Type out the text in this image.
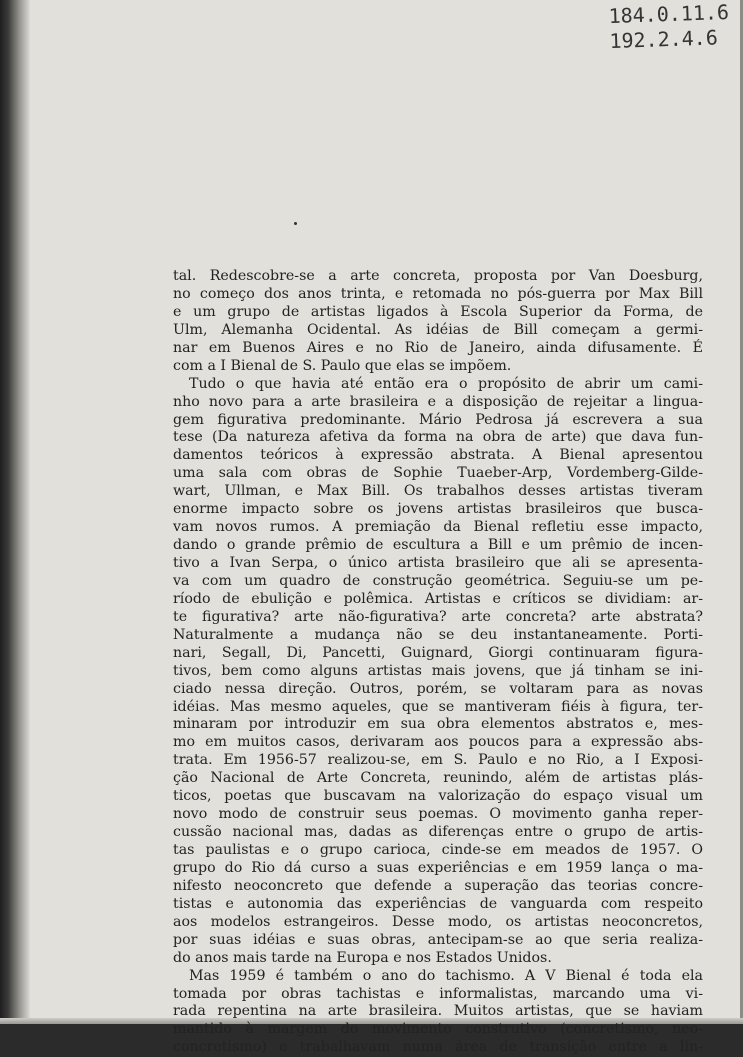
184.0.11.6
192.2.4.6
tal. Redescobre-se a arte concreta, proposta por Van Doesburg,
no começo dos anos trinta, e retomada no pós-guerra por Max Bill
e um grupo de artistas ligados à Escola Superior da Forma, de
Ulm, Alemanha Ocidental. As idéias de Bill começam a germi-
nar em Buenos Aires e no Rio de Janeiro, ainda difusamente. É
com a I Bienal de S. Paulo que elas se impõem.
Tudo o que havia até então era o propósito de abrir um cami-
nho novo para a arte brasileira e a disposição de rejeitar a lingua-
gem figurativa predominante. Mário Pedrosa já escrevera a sua
tese (Da natureza afetiva da forma na obra de arte) que dava fun-
damentos teóricos à expressão abstrata. A Bienal apresentou
uma sala com obras de Sophie Tuaeber-Arp, Vordemberg-Gilde-
wart, Ullman, e Max Bill. Os trabalhos desses artistas tiveram
enorme impacto sobre os jovens artistas brasileiros que busca-
vam novos rumos. A premiação da Bienal refletiu esse impacto,
dando o grande prêmio de escultura a Bill e um prêmio de incen-
tivo a Ivan Serpa, o único artista brasileiro que ali se apresenta-
va com um quadro de construção geométrica. Seguiu-se um pe-
ríodo de ebulição e polêmica. Artistas e críticos se dividiam: ar-
te figurativa? arte não-figurativa? arte concreta? arte abstrata?
Naturalmente a mudança não se deu instantaneamente. Porti-
nari, Segall, Di, Pancetti, Guignard, Giorgi continuaram figura-
tivos, bem como alguns artistas mais jovens, que já tinham se ini-
ciado nessa direção. Outros, porém, se voltaram para as novas
idéias. Mas mesmo aqueles, que se mantiveram fiéis à figura, ter-
minaram por introduzir em sua obra elementos abstratos e, mes-
mo em muitos casos, derivaram aos poucos para a expressão abs-
trata. Em 1956-57 realizou-se, em S. Paulo e no Rio, a I Exposi-
ção Nacional de Arte Concreta, reunindo, além de artistas plás-
ticos, poetas que buscavam na valorização do espaço visual um
novo modo de construir seus poemas. O movimento ganha reper-
cussão nacional mas, dadas as diferenças entre o grupo de artis-
tas paulistas e o grupo carioca, cinde-se em meados de 1957. O
grupo do Rio dá curso a suas experiências e em 1959 lança o ma-
nifesto neoconcreto que defende a superação das teorias concre-
tistas e autonomia das experiências de vanguarda com respeito
aos modelos estrangeiros. Desse modo, os artistas neoconcretos,
por suas idéias e suas obras, antecipam-se ao que seria realiza-
do anos mais tarde na Europa e nos Estados Unidos.
Mas 1959 é também o ano do tachismo. A V Bienal é toda ela
tomada por obras tachistas e informalistas, marcando uma vi-
rada repentina na arte brasileira. Muitos artistas, que se haviam
mantido à margem do movimento construtivo (concretismo, neo-
concretismo) e trabalhavam numa área de transição entre a lin-
